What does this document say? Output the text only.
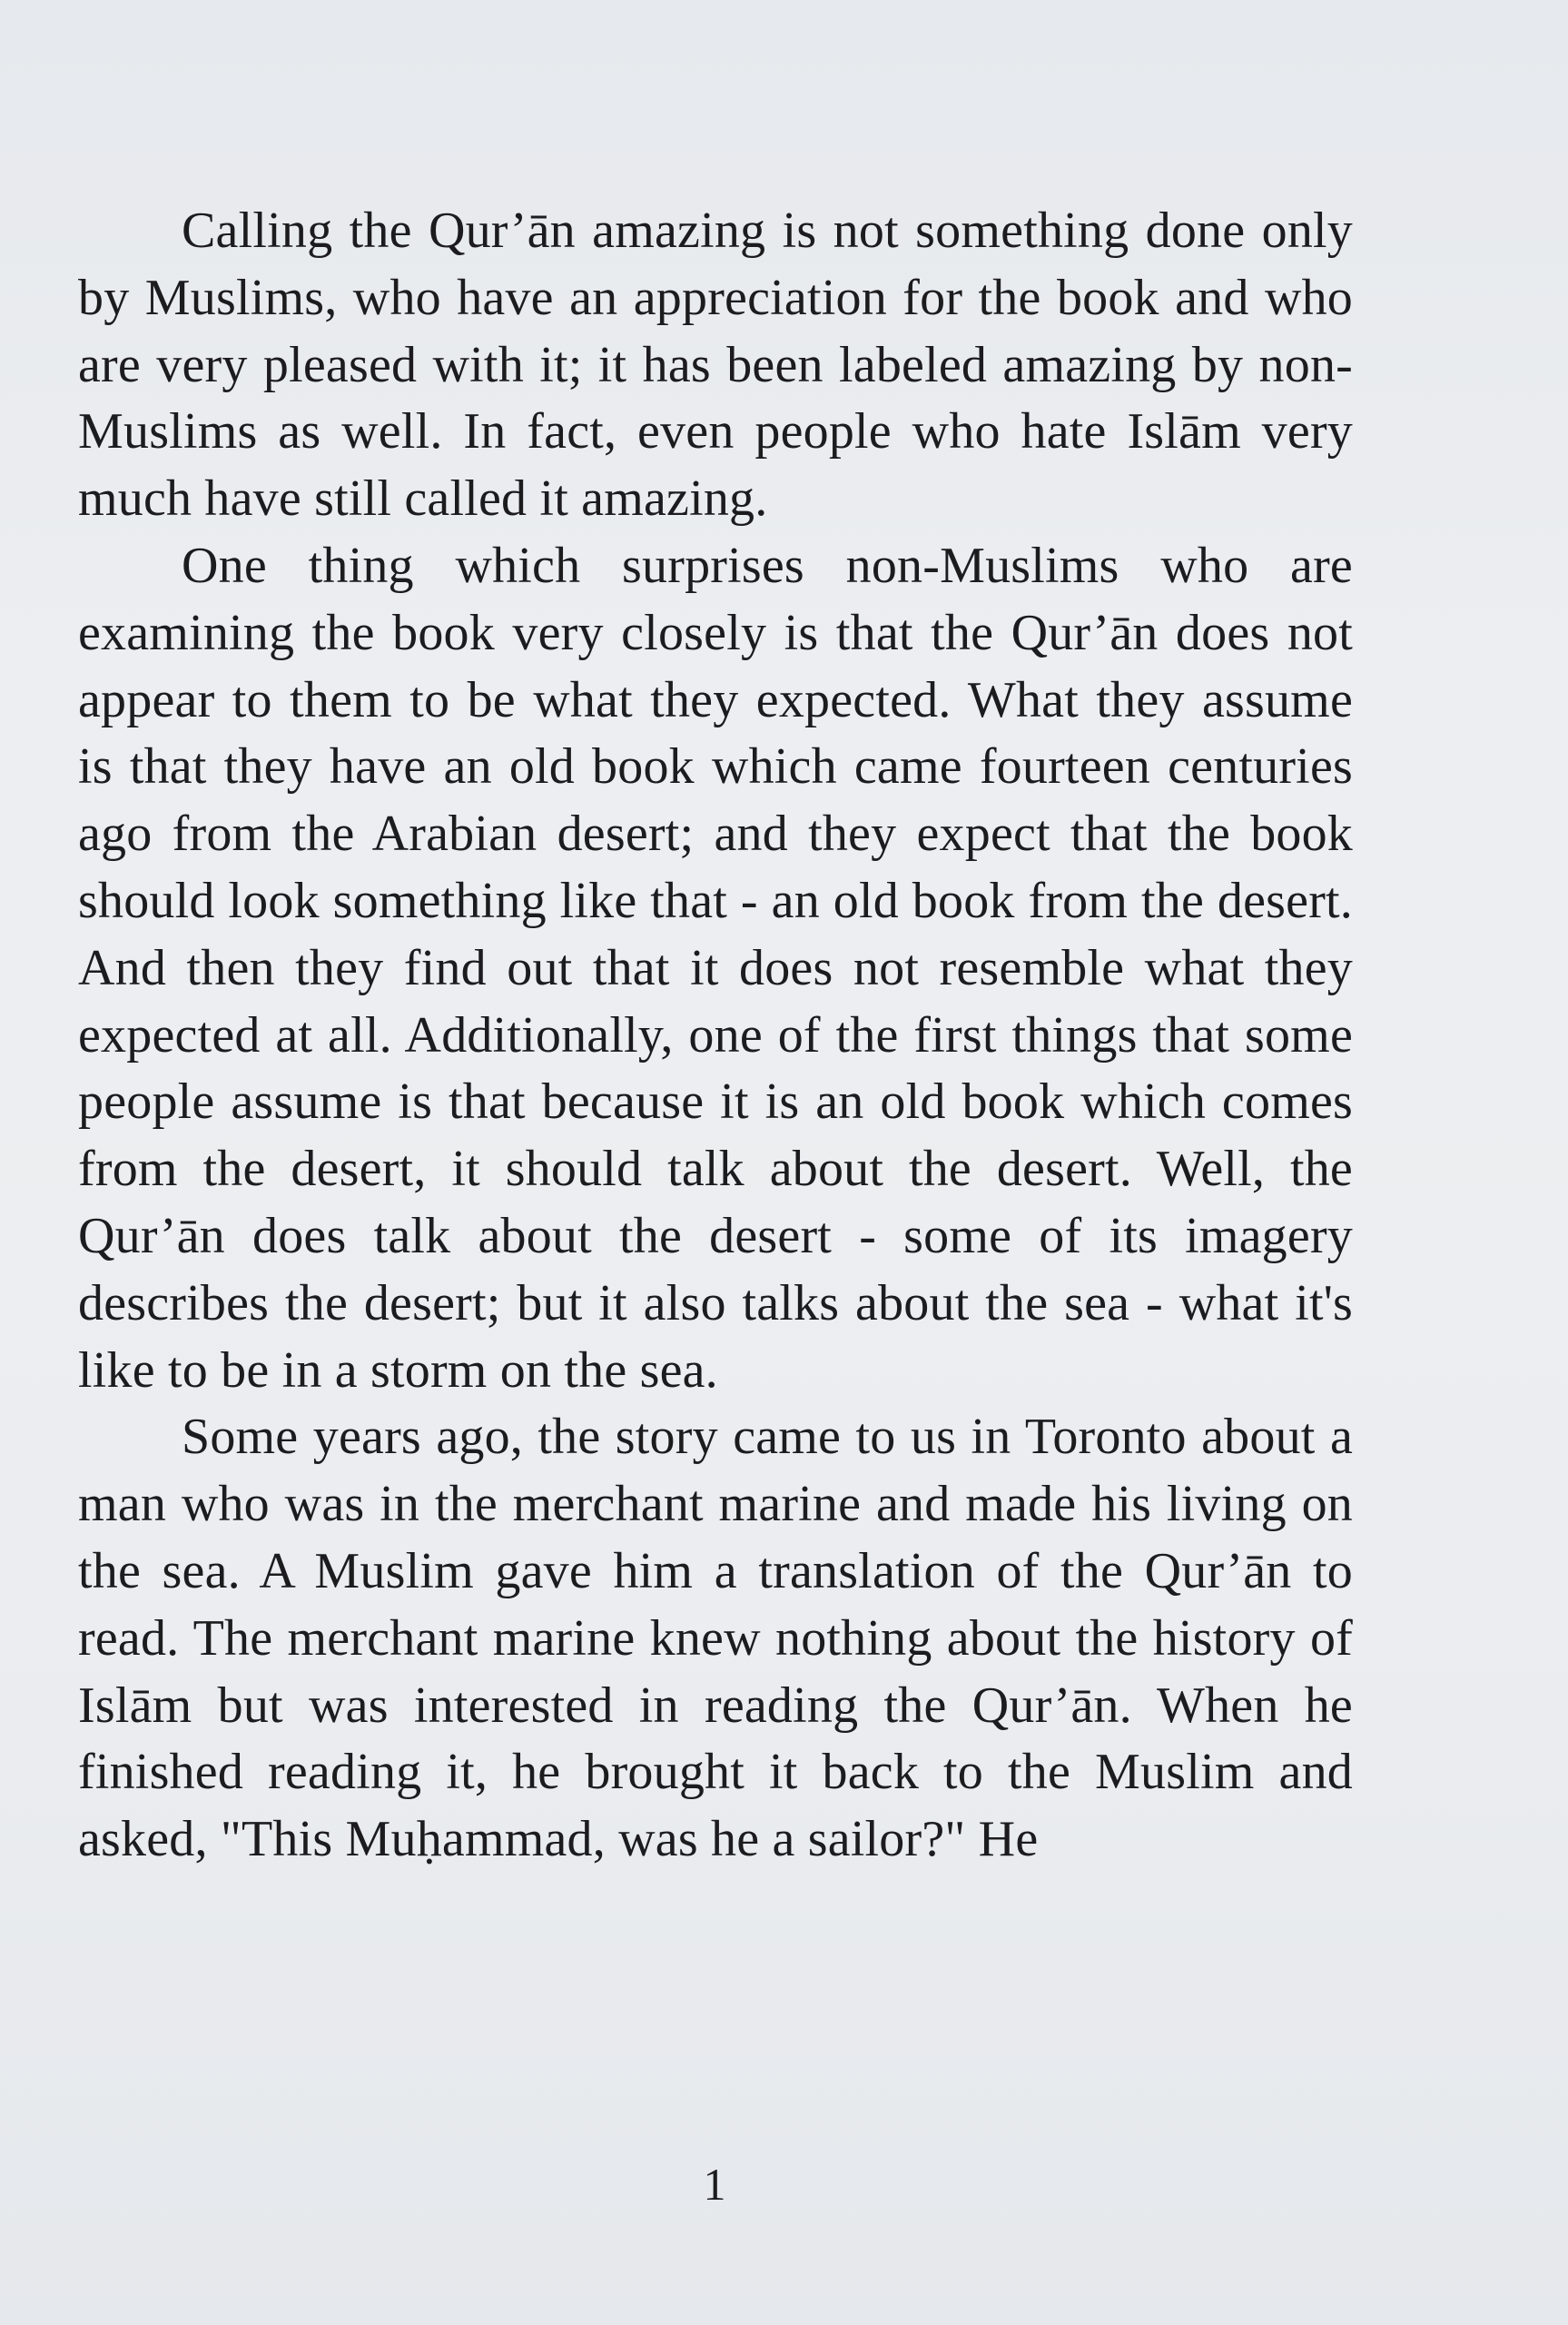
Calling the Qur’ān amazing is not something done only by Muslims, who have an appreciation for the book and who are very pleased with it; it has been labeled amazing by non-Muslims as well. In fact, even people who hate Islām very much have still called it amazing.

One thing which surprises non-Muslims who are examining the book very closely is that the Qur’ān does not appear to them to be what they expected. What they assume is that they have an old book which came fourteen centuries ago from the Arabian desert; and they expect that the book should look something like that - an old book from the desert. And then they find out that it does not resemble what they expected at all. Additionally, one of the first things that some people assume is that because it is an old book which comes from the desert, it should talk about the desert. Well, the Qur’ān does talk about the desert - some of its imagery describes the desert; but it also talks about the sea - what it's like to be in a storm on the sea.

Some years ago, the story came to us in Toronto about a man who was in the merchant marine and made his living on the sea. A Muslim gave him a translation of the Qur’ān to read. The merchant marine knew nothing about the history of Islām but was interested in reading the Qur’ān. When he finished reading it, he brought it back to the Muslim and asked, "This Muḥammad, was he a sailor?" He

1
